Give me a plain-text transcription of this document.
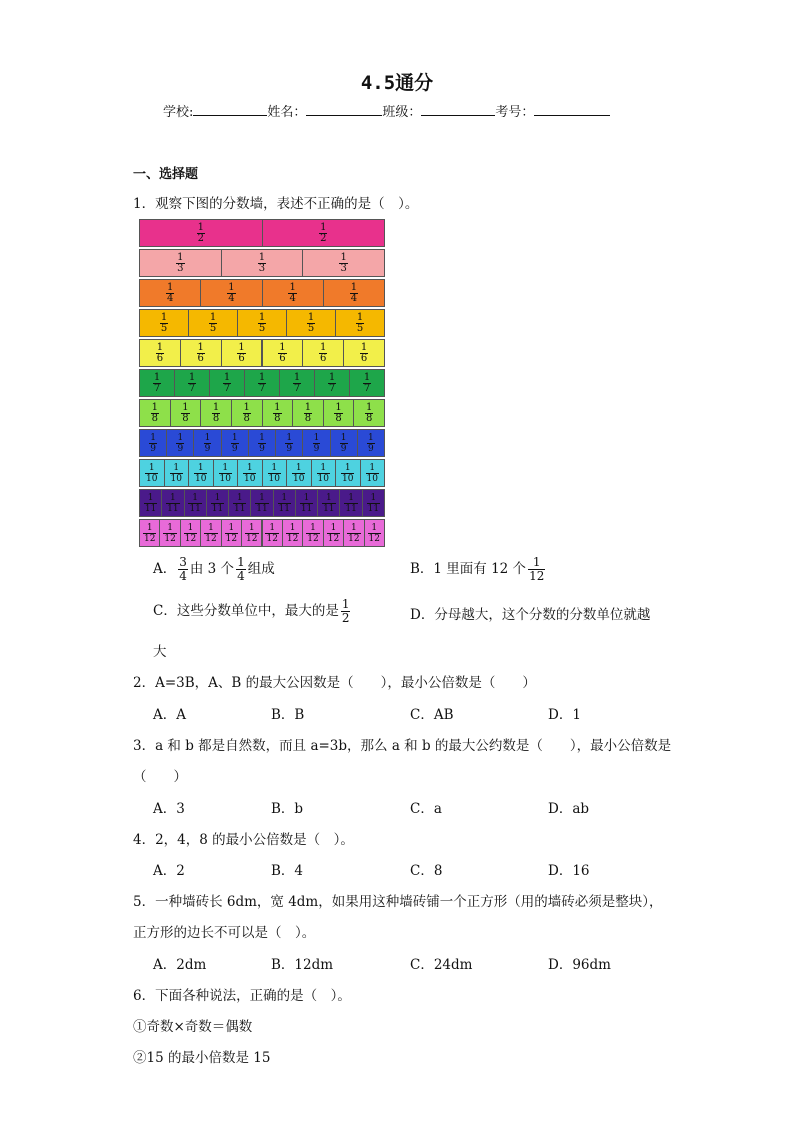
4.5通分
学校:	姓名：	班级：	考号：
一、选择题
1．观察下图的分数墙，表述不正确的是（　）。
$\frac{1}{2}$	$\frac{1}{2}$
$\frac{1}{3}$	$\frac{1}{3}$	$\frac{1}{3}$
$\frac{1}{4}$	$\frac{1}{4}$	$\frac{1}{4}$	$\frac{1}{4}$
$\frac{1}{5}$	$\frac{1}{5}$	$\frac{1}{5}$	$\frac{1}{5}$	$\frac{1}{5}$
$\frac{1}{6}$	$\frac{1}{6}$	$\frac{1}{6}$	$\frac{1}{6}$	$\frac{1}{6}$	$\frac{1}{6}$
$\frac{1}{7}$	$\frac{1}{7}$	$\frac{1}{7}$	$\frac{1}{7}$	$\frac{1}{7}$	$\frac{1}{7}$	$\frac{1}{7}$
$\frac{1}{8} \frac{1}{8} \frac{1}{8} \frac{1}{8} \frac{1}{8} \frac{1}{8} \frac{1}{8} \frac{1}{8}$
$\frac{1}{9} \frac{1}{9} \frac{1}{9} \frac{1}{9} \frac{1}{9} \frac{1}{9} \frac{1}{9} \frac{1}{9} \frac{1}{9}$
$\frac{1}{10} \frac{1}{10} \frac{1}{10} \frac{1}{10} \frac{1}{10} \frac{1}{10} \frac{1}{10} \frac{1}{10} \frac{1}{10} \frac{1}{10}$
$\frac{1}{11} \frac{1}{11} \frac{1}{11} \frac{1}{11} \frac{1}{11} \frac{1}{11} \frac{1}{11} \frac{1}{11} \frac{1}{11} \frac{1}{11} \frac{1}{11}$
$\frac{1}{12} \frac{1}{12} \frac{1}{12} \frac{1}{12} \frac{1}{12} \frac{1}{12} \frac{1}{12} \frac{1}{12} \frac{1}{12} \frac{1}{12} \frac{1}{12} \frac{1}{12}$
A． $\frac{3}{4}$ 由 3 个 $\frac{1}{4}$ 组成	B．1 里面有 12 个 $\frac{1}{12}$
C．这些分数单位中，最大的是 $\frac{1}{2}$	D．分母越大，这个分数的分数单位就越
大
2．A=3B，A、B 的最大公因数是（　　），最小公倍数是（　　）
A．A	B．B	C．AB	D．1
3．a 和 b 都是自然数，而且 a=3b，那么 a 和 b 的最大公约数是（　　），最小公倍数是
（　　）
A．3	B．b	C．a	D．ab
4．2，4，8 的最小公倍数是（　）。
A．2	B．4	C．8	D．16
5．一种墙砖长 6dm，宽 4dm，如果用这种墙砖铺一个正方形（用的墙砖必须是整块），
正方形的边长不可以是（　）。
A．2dm	B．12dm	C．24dm	D．96dm
6．下面各种说法，正确的是（　）。
①奇数×奇数＝偶数
②15 的最小倍数是 15
